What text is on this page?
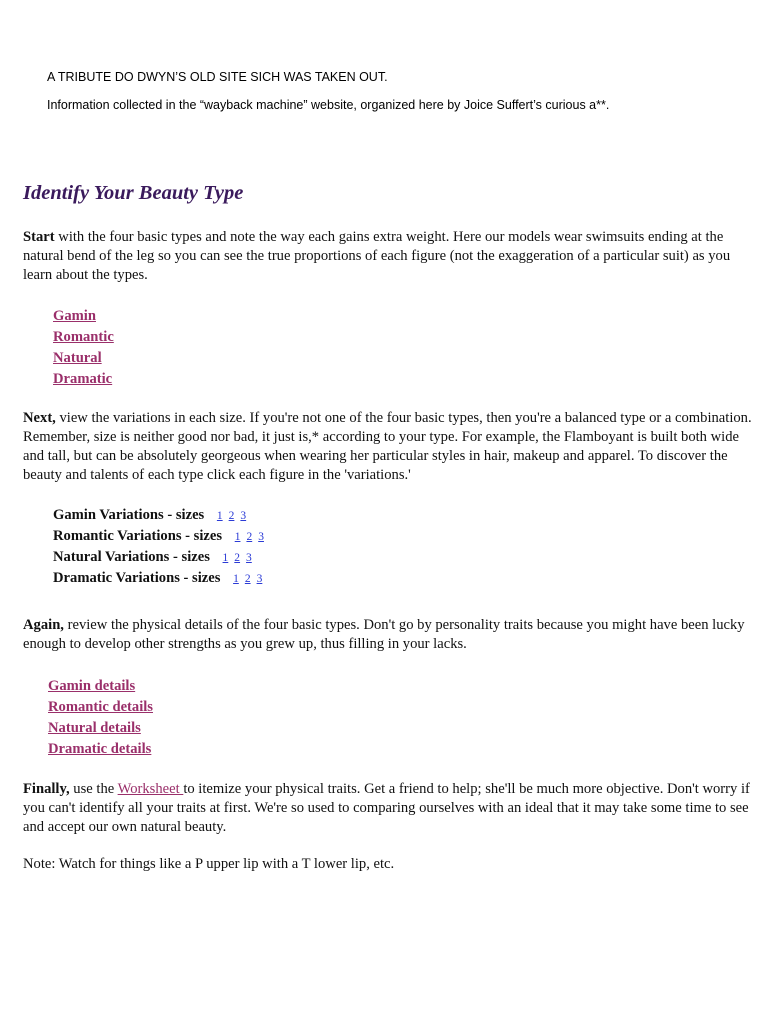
A TRIBUTE DO DWYN’S OLD SITE SICH WAS TAKEN OUT.
Information collected in the “wayback machine” website, organized here by Joice Suffert’s curious a**.
Identify Your Beauty Type

Start with the four basic types and note the way each gains extra weight. Here our models wear swimsuits ending at the natural bend of the leg so you can see the true proportions of each figure (not the exaggeration of a particular suit) as you learn about the types.

Gamin
Romantic
Natural
Dramatic

Next, view the variations in each size. If you're not one of the four basic types, then you're a balanced type or a combination. Remember, size is neither good nor bad, it just is,* according to your type. For example, the Flamboyant is built both wide and tall, but can be absolutely georgeous when wearing her particular styles in hair, makeup and apparel. To discover the beauty and talents of each type click each figure in the 'variations.'

Gamin Variations - sizes 1 2 3
Romantic Variations - sizes 1 2 3
Natural Variations - sizes 1 2 3
Dramatic Variations - sizes 1 2 3

Again, review the physical details of the four basic types. Don't go by personality traits because you might have been lucky enough to develop other strengths as you grew up, thus filling in your lacks.

Gamin details
Romantic details
Natural details
Dramatic details

Finally, use the Worksheet to itemize your physical traits. Get a friend to help; she'll be much more objective. Don't worry if you can't identify all your traits at first. We're so used to comparing ourselves with an ideal that it may take some time to see and accept our own natural beauty.

Note: Watch for things like a P upper lip with a T lower lip, etc.
